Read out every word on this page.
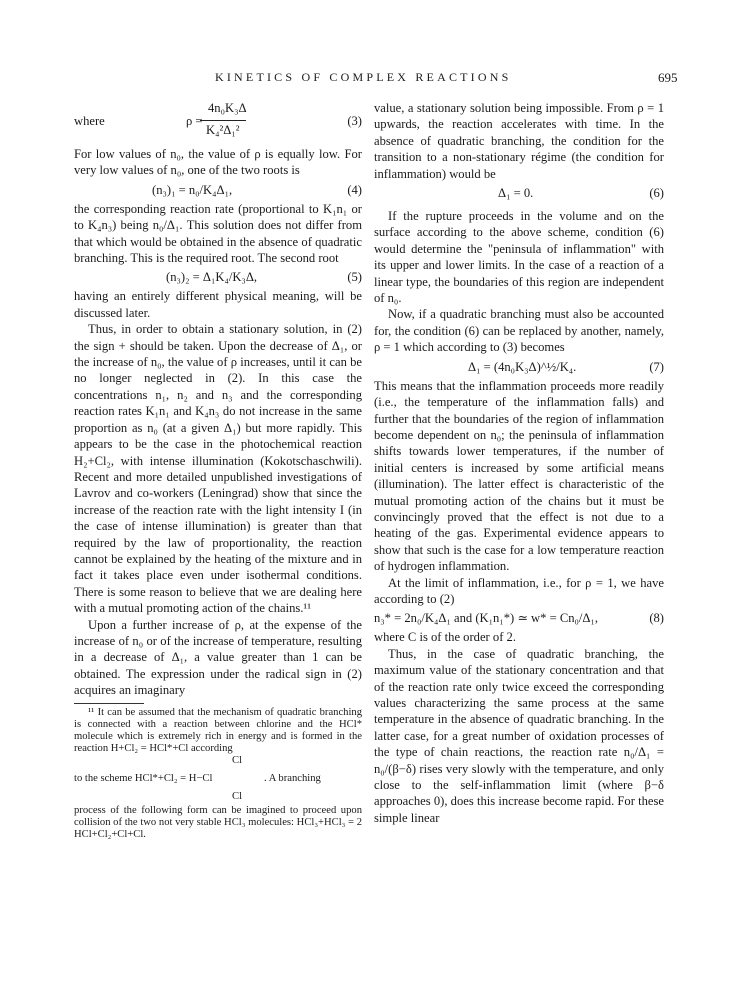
KINETICS OF COMPLEX REACTIONS	695
where	ρ =
4n₀K₃Δ
K₄²Δ₁²
(3)

For low values of n₀, the value of ρ is equally low. For very low values of n₀, one of the two roots is

(n₃)₁ = n₀/K₄Δ₁,	(4)

the corresponding reaction rate (proportional to K₁n₁ or to K₄n₃) being n₀/Δ₁. This solution does not differ from that which would be obtained in the absence of quadratic branching. This is the required root. The second root

(n₃)₂ = Δ₁K₄/K₃Δ,	(5)

having an entirely different physical meaning, will be discussed later.

Thus, in order to obtain a stationary solution, in (2) the sign + should be taken. Upon the decrease of Δ₁, or the increase of n₀, the value of ρ increases, until it can be no longer neglected in (2). In this case the concentrations n₁, n₂ and n₃ and the corresponding reaction rates K₁n₁ and K₄n₃ do not increase in the same proportion as n₀ (at a given Δ₁) but more rapidly. This appears to be the case in the photochemical reaction H₂+Cl₂, with intense illumination (Kokotschaschwili). Recent and more detailed unpublished investigations of Lavrov and co-workers (Leningrad) show that since the increase of the reaction rate with the light intensity I (in the case of intense illumination) is greater than that required by the law of proportionality, the reaction cannot be explained by the heating of the mixture and in fact it takes place even under isothermal conditions. There is some reason to believe that we are dealing here with a mutual promoting action of the chains.¹¹

Upon a further increase of ρ, at the expense of the increase of n₀ or of the increase of temperature, resulting in a decrease of Δ₁, a value greater than 1 can be obtained. The expression under the radical sign in (2) acquires an imaginary

¹¹ It can be assumed that the mechanism of quadratic branching is connected with a reaction between chlorine and the HCl* molecule which is extremely rich in energy and is formed in the reaction H+Cl₂ = HCl*+Cl according

to the scheme HCl*+Cl₂ = H−Cl
Cl
Cl
. A branching

process of the following form can be imagined to proceed upon collision of the two not very stable HCl₃ molecules: HCl₃+HCl₃ = 2 HCl+Cl₂+Cl+Cl.

value, a stationary solution being impossible. From ρ = 1 upwards, the reaction accelerates with time. In the absence of quadratic branching, the condition for the transition to a non-stationary régime (the condition for inflammation) would be

Δ₁ = 0.	(6)

If the rupture proceeds in the volume and on the surface according to the above scheme, condition (6) would determine the "peninsula of inflammation" with its upper and lower limits. In the case of a reaction of a linear type, the boundaries of this region are independent of n₀.

Now, if a quadratic branching must also be accounted for, the condition (6) can be replaced by another, namely, ρ = 1 which according to (3) becomes

Δ₁ = (4n₀K₃Δ)^½/K₄.	(7)

This means that the inflammation proceeds more readily (i.e., the temperature of the inflammation falls) and further that the boundaries of the region of inflammation become dependent on n₀; the peninsula of inflammation shifts towards lower temperatures, if the number of initial centers is increased by some artificial means (illumination). The latter effect is characteristic of the mutual promoting action of the chains but it must be convincingly proved that the effect is not due to a heating of the gas. Experimental evidence appears to show that such is the case for a low temperature reaction of hydrogen inflammation.

At the limit of inflammation, i.e., for ρ = 1, we have according to (2)

n₃* = 2n₀/K₄Δ₁ and (K₁n₁*) ≃ w* = Cn₀/Δ₁,	(8)

where C is of the order of 2.

Thus, in the case of quadratic branching, the maximum value of the stationary concentration and that of the reaction rate only twice exceed the corresponding values characterizing the same process at the same temperature in the absence of quadratic branching. In the latter case, for a great number of oxidation processes of the type of chain reactions, the reaction rate n₀/Δ₁ = n₀/(β−δ) rises very slowly with the temperature, and only close to the self-inflammation limit (where β−δ approaches 0), does this increase become rapid. For these simple linear
